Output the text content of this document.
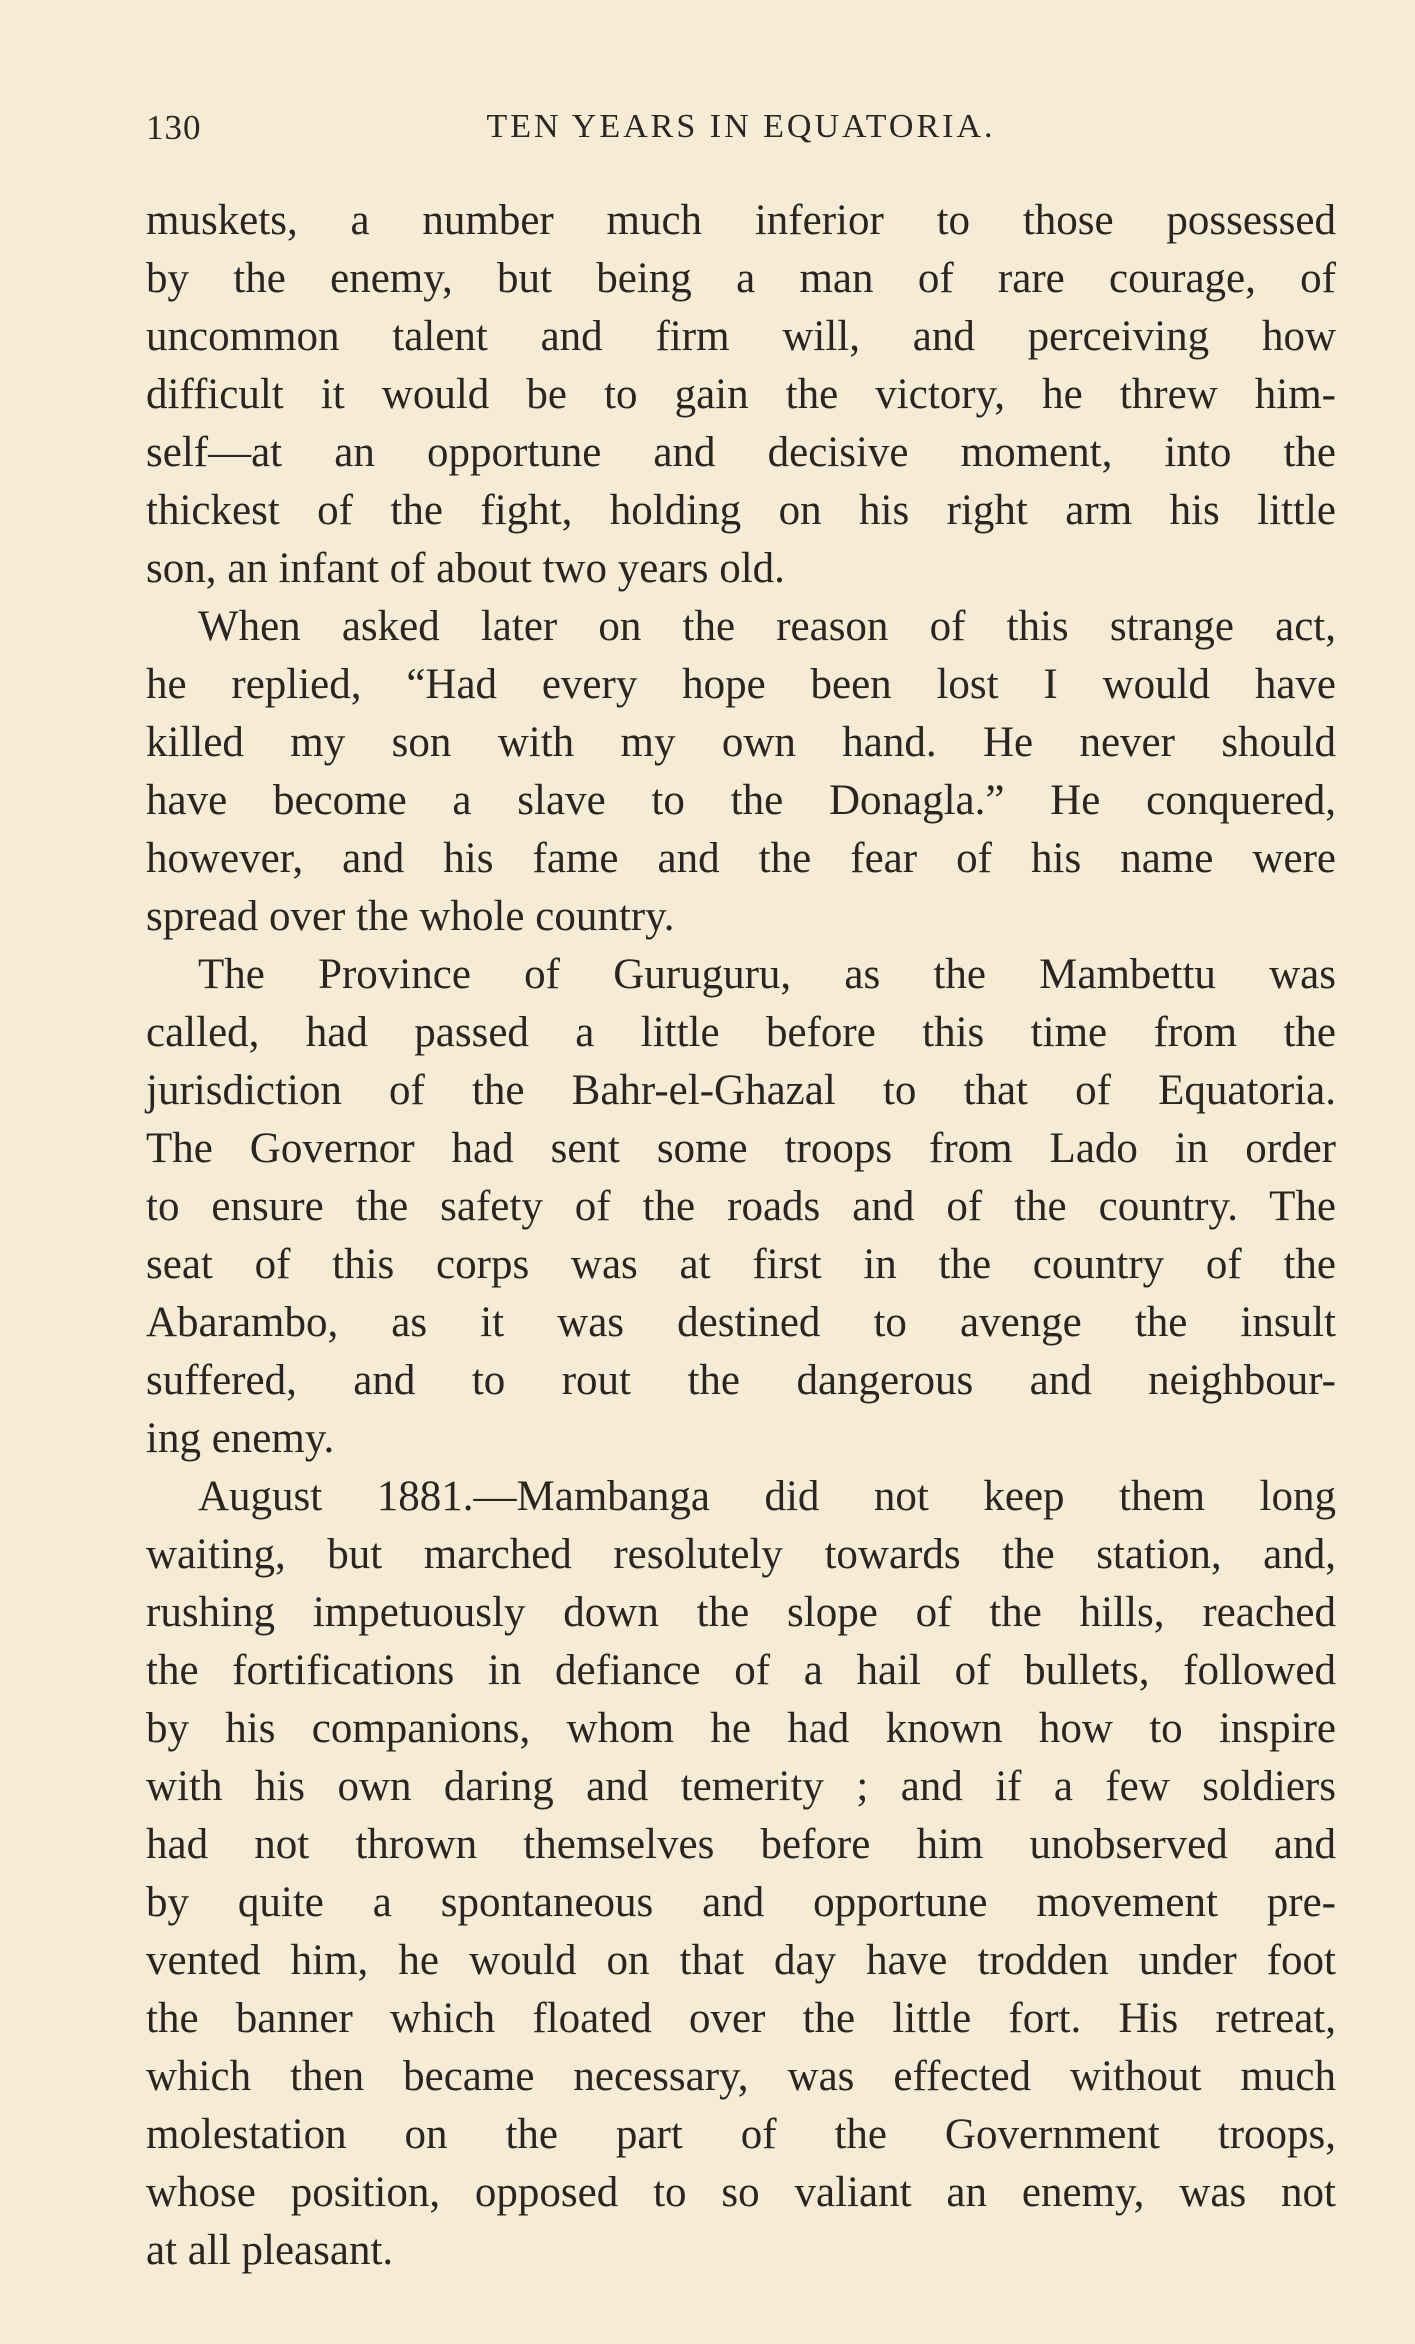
130	TEN YEARS IN EQUATORIA.
muskets, a number much inferior to those possessed
by the enemy, but being a man of rare courage, of
uncommon talent and firm will, and perceiving how
difficult it would be to gain the victory, he threw him-
self—at an opportune and decisive moment, into the
thickest of the fight, holding on his right arm his little
son, an infant of about two years old.
When asked later on the reason of this strange act,
he replied, “Had every hope been lost I would have
killed my son with my own hand. He never should
have become a slave to the Donagla.” He conquered,
however, and his fame and the fear of his name were
spread over the whole country.
The Province of Guruguru, as the Mambettu was
called, had passed a little before this time from the
jurisdiction of the Bahr-el-Ghazal to that of Equatoria.
The Governor had sent some troops from Lado in order
to ensure the safety of the roads and of the country. The
seat of this corps was at first in the country of the
Abarambo, as it was destined to avenge the insult
suffered, and to rout the dangerous and neighbour-
ing enemy.
August 1881.—Mambanga did not keep them long
waiting, but marched resolutely towards the station, and,
rushing impetuously down the slope of the hills, reached
the fortifications in defiance of a hail of bullets, followed
by his companions, whom he had known how to inspire
with his own daring and temerity ; and if a few soldiers
had not thrown themselves before him unobserved and
by quite a spontaneous and opportune movement pre-
vented him, he would on that day have trodden under foot
the banner which floated over the little fort. His retreat,
which then became necessary, was effected without much
molestation on the part of the Government troops,
whose position, opposed to so valiant an enemy, was not
at all pleasant.
